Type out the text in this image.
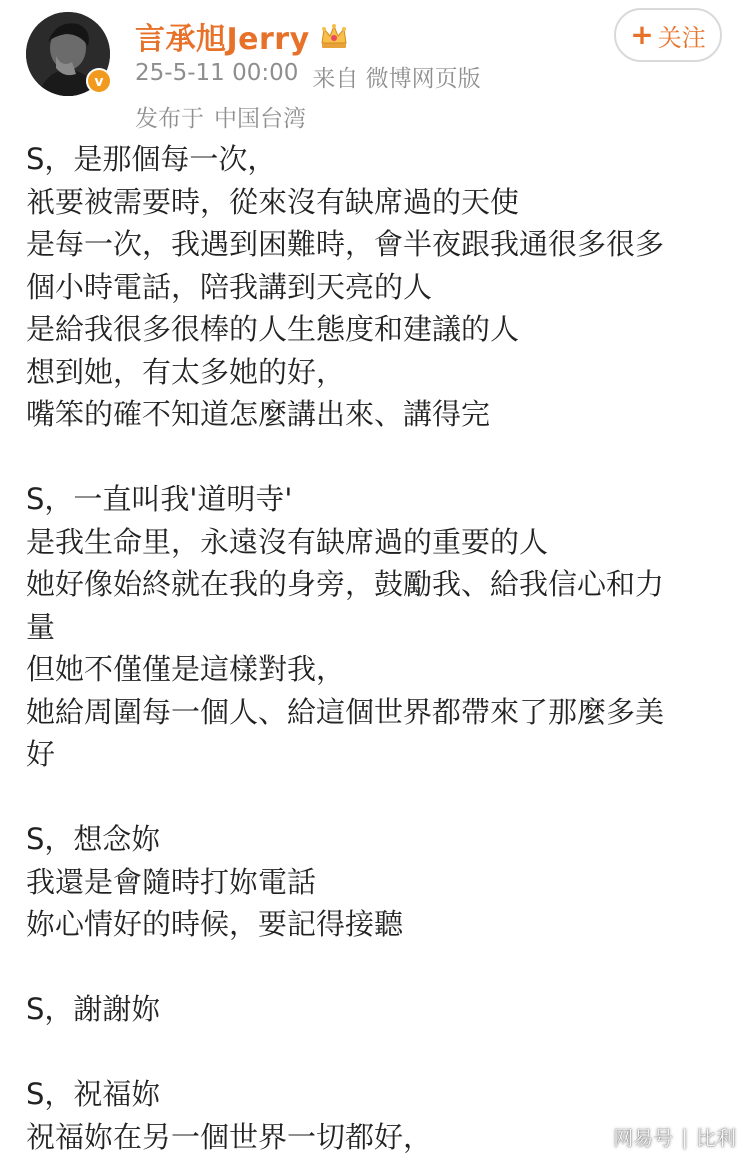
v
言承旭Jerry
25-5-11 00:00 来自 微博网页版
发布于 中国台湾
+ 关注
S，是那個每一次，
衹要被需要時，從來沒有缺席過的天使
是每一次，我遇到困難時，會半夜跟我通很多很多
個小時電話，陪我講到天亮的人
是給我很多很棒的人生態度和建議的人
想到她，有太多她的好，
嘴笨的確不知道怎麼講出來、講得完
S，一直叫我'道明寺'
是我生命里，永遠沒有缺席過的重要的人
她好像始終就在我的身旁，鼓勵我、給我信心和力
量
但她不僅僅是這樣對我，
她給周圍每一個人、給這個世界都帶來了那麼多美
好
S，想念妳
我還是會隨時打妳電話
妳心情好的時候，要記得接聽
S，謝謝妳
S，祝福妳
祝福妳在另一個世界一切都好，	网易号 | 比利
